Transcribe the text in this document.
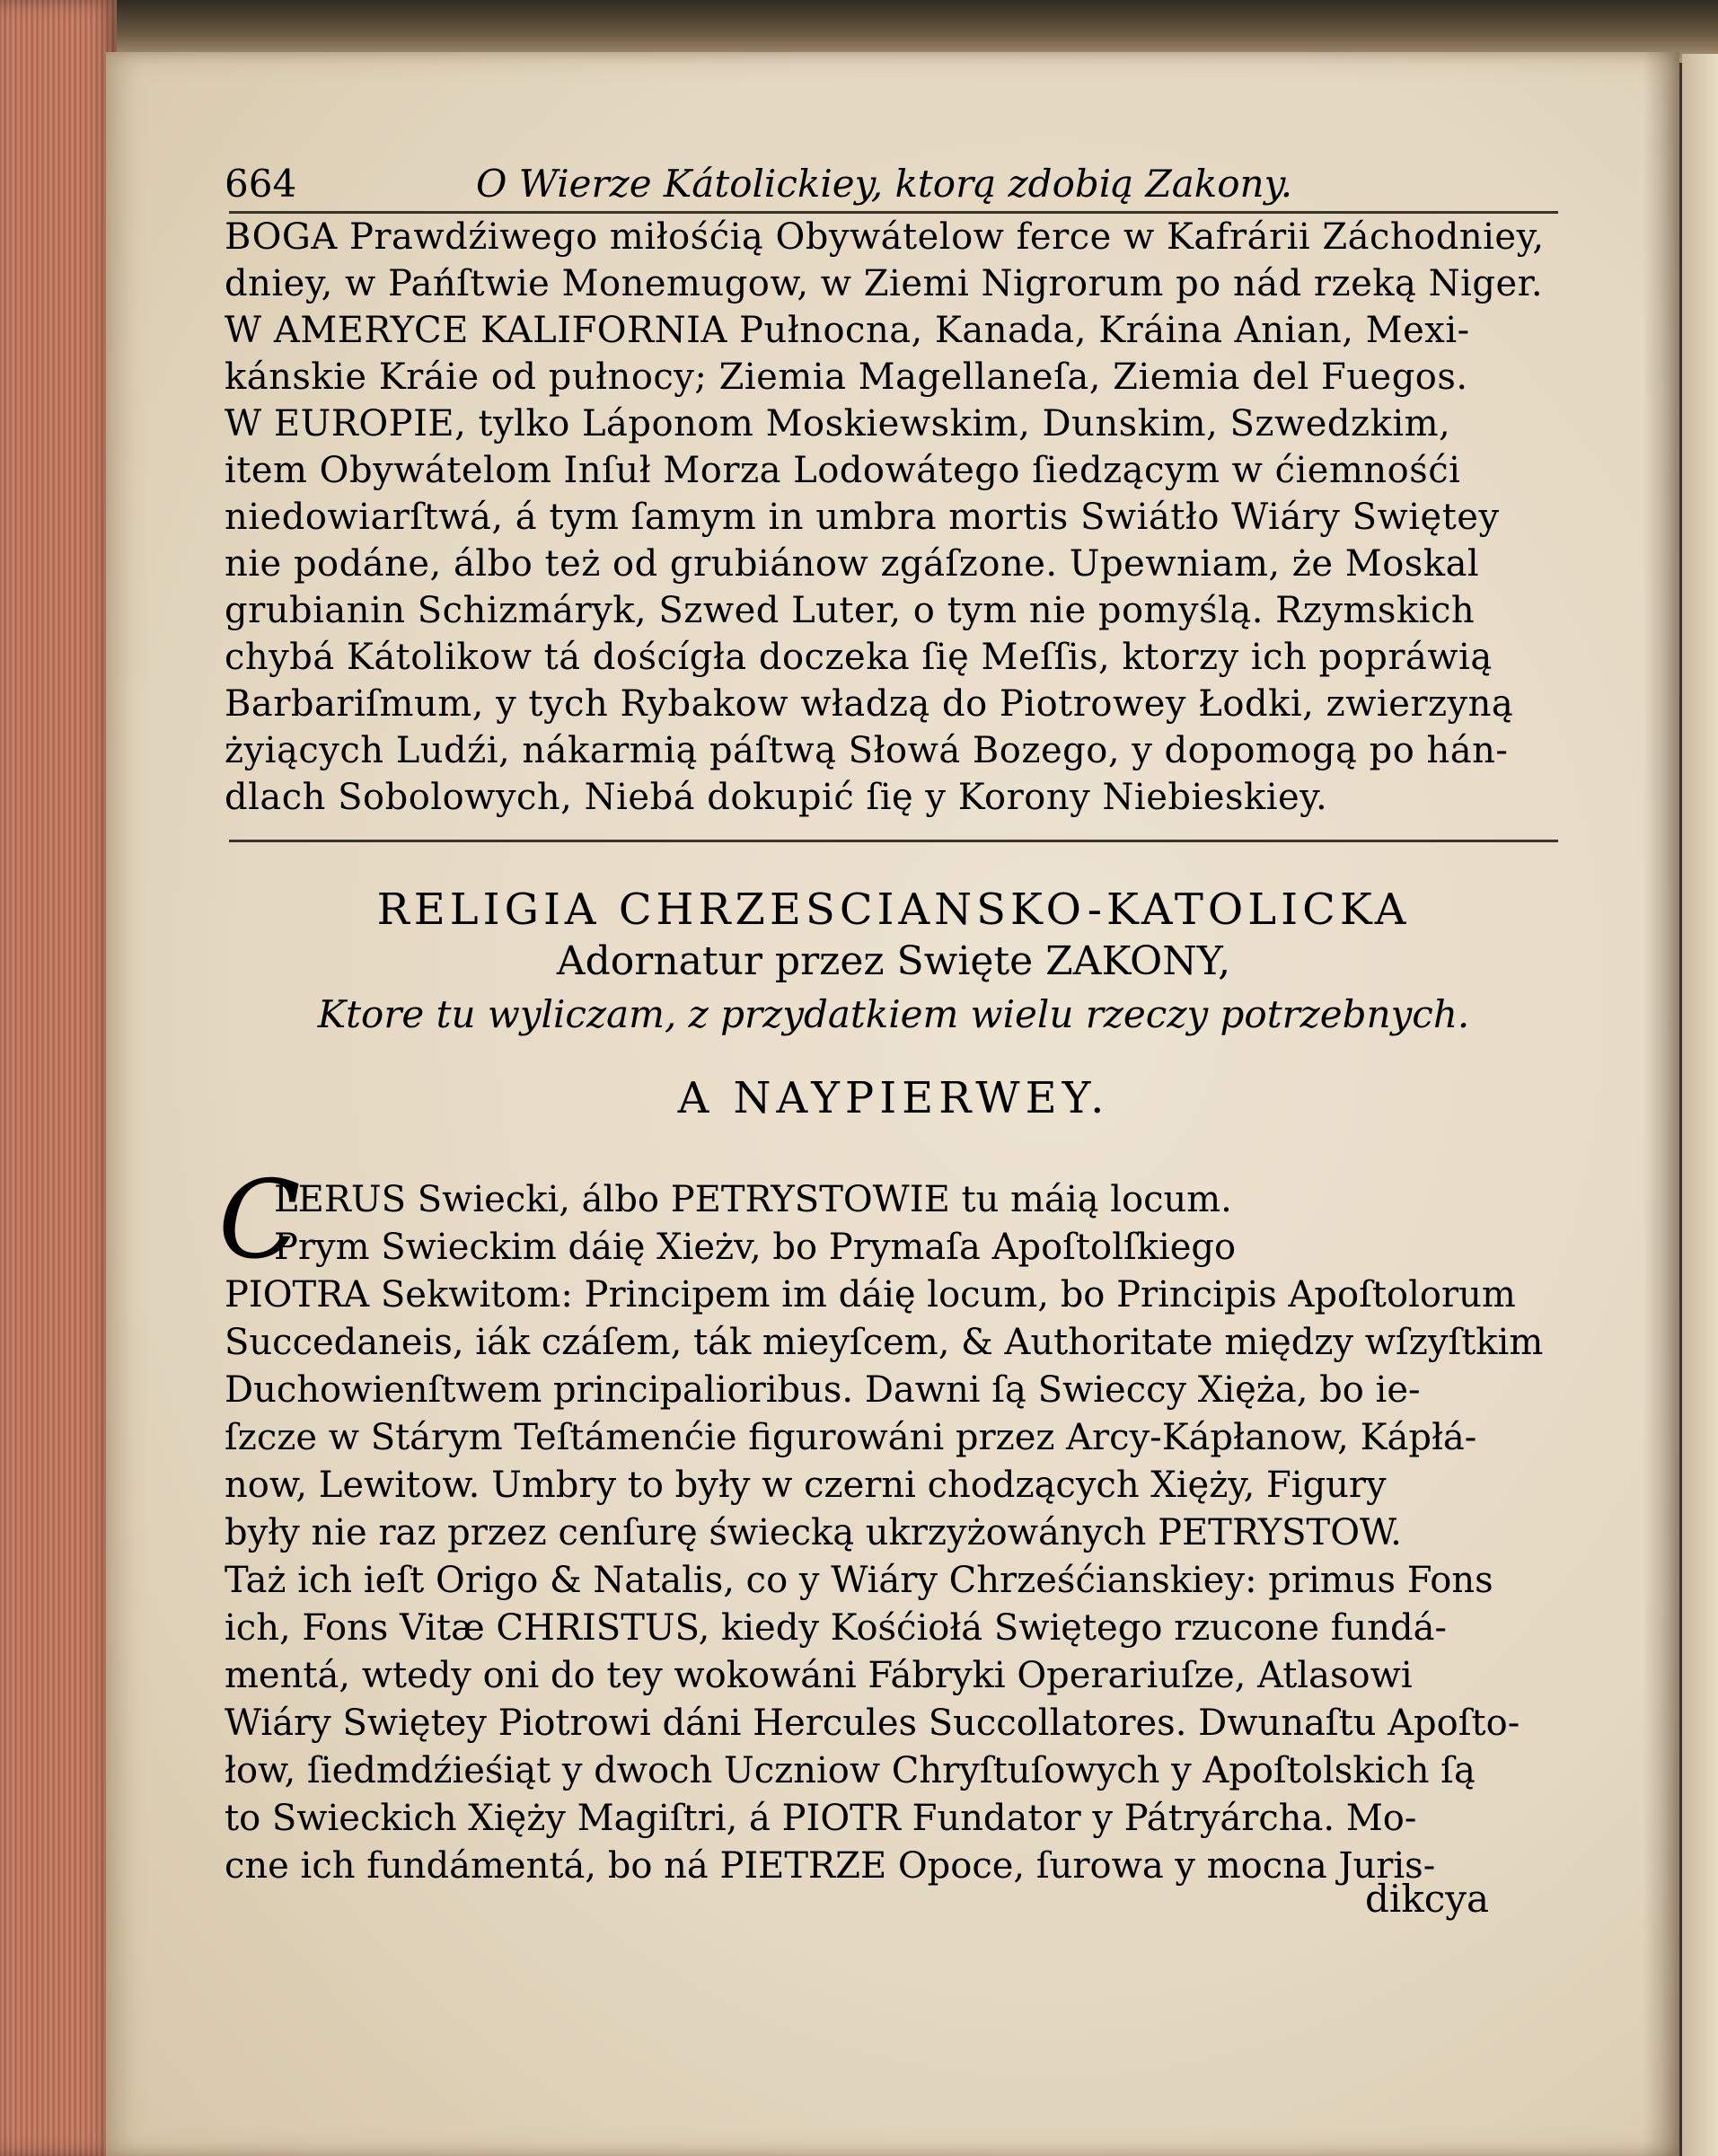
664	O Wierze Kátolickiey, ktorą zdobią Zakony.
BOGA Prawdźiwego miłośćią Obywátelow ferce w Kafrárii Záchodniey,
dniey, w Pańſtwie Monemugow, w Ziemi Nigrorum po nád rzeką Niger.
W AMERYCE KALIFORNIA Pułnocna, Kanada, Kráina Anian, Mexi-
kánskie Kráie od pułnocy; Ziemia Magellaneſa, Ziemia del Fuegos.
W EUROPIE, tylko Láponom Moskiewskim, Dunskim, Szwedzkim,
item Obywátelom Inſuł Morza Lodowátego ſiedzącym w ćiemnośći
niedowiarſtwá, á tym ſamym in umbra mortis Swiátło Wiáry Swiętey
nie podáne, álbo też od grubiánow zgáſzone. Upewniam, że Moskal
grubianin Schizmáryk, Szwed Luter, o tym nie pomyślą. Rzymskich
chybá Kátolikow tá doścígła doczeka ſię Meſſis, ktorzy ich popráwią
Barbariſmum, y tych Rybakow władzą do Piotrowey Łodki, zwierzyną
żyiących Ludźi, nákarmią páſtwą Słowá Bozego, y dopomogą po hán-
dlach Sobolowych, Niebá dokupić ſię y Korony Niebieskiey.
RELIGIA CHRZESCIANSKO-KATOLICKA
Adornatur przez Swięte ZAKONY,
Ktore tu wyliczam, z przydatkiem wielu rzeczy potrzebnych.
A NAYPIERWEY.
C
LERUS Swiecki, álbo PETRYSTOWIE tu máią locum.
Prym Swieckim dáię Xieżv, bo Prymaſa Apoſtolſkiego
PIOTRA Sekwitom: Principem im dáię locum, bo Principis Apoſtolorum
Succedaneis, iák czáſem, ták mieyſcem, & Authoritate między wſzyſtkim
Duchowienſtwem principalioribus. Dawni ſą Swieccy Xięża, bo ie-
ſzcze w Stárym Teſtámenćie figurowáni przez Arcy-Kápłanow, Kápłá-
now, Lewitow. Umbry to były w czerni chodzących Xięży, Figury
były nie raz przez cenſurę świecką ukrzyżowánych PETRYSTOW.
Taż ich ieſt Origo & Natalis, co y Wiáry Chrześćianskiey: primus Fons
ich, Fons Vitæ CHRISTUS, kiedy Kośćiołá Swiętego rzucone fundá-
mentá, wtedy oni do tey wokowáni Fábryki Operariuſze, Atlasowi
Wiáry Swiętey Piotrowi dáni Hercules Succollatores. Dwunaſtu Apoſto-
łow, ſiedmdźieśiąt y dwoch Uczniow Chryſtuſowych y Apoſtolskich ſą
to Swieckich Xięży Magiſtri, á PIOTR Fundator y Pátryárcha. Mo-
cne ich fundámentá, bo ná PIETRZE Opoce, ſurowa y mocna Juris-
dikcya
